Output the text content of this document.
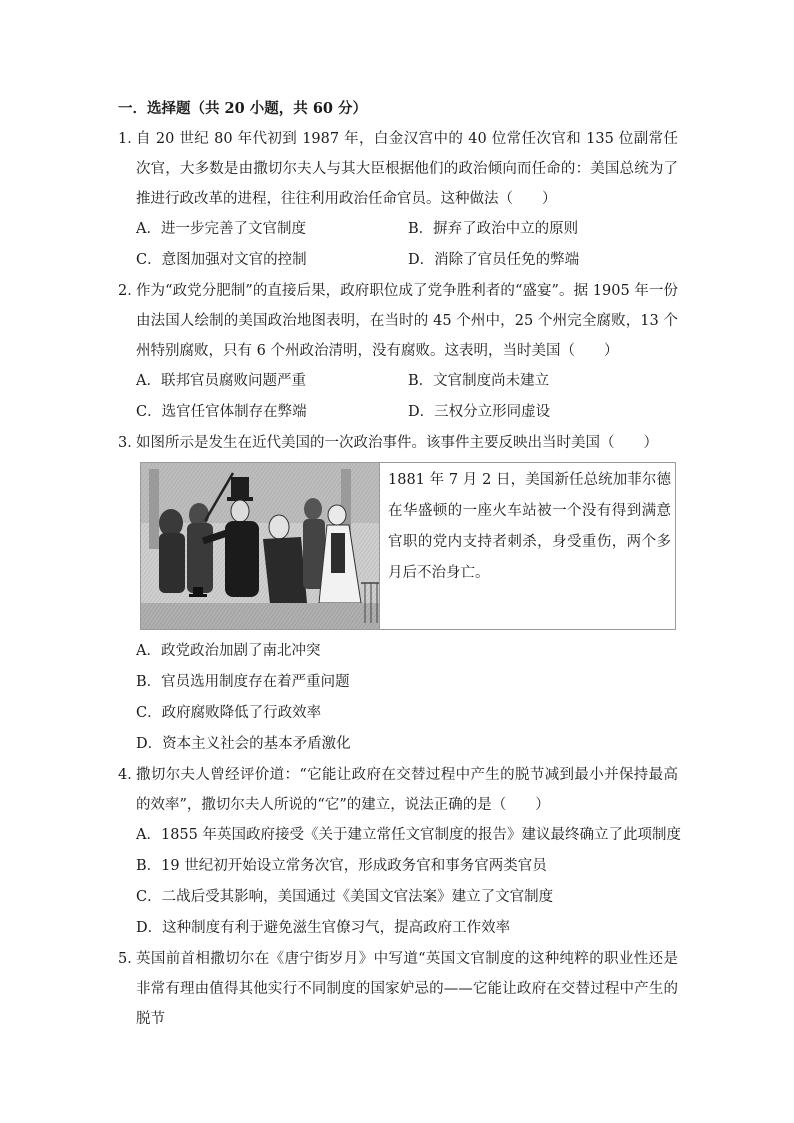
一．选择题（共 20 小题，共 60 分）
1．
自 20 世纪 80 年代初到 1987 年，白金汉宫中的 40 位常任次官和 135 位副常任次官，大多数是由撒切尔夫人与其大臣根据他们的政治倾向而任命的：美国总统为了推进行政改革的进程，往往利用政治任命官员。这种做法（　　）
A．进一步完善了文官制度	B．摒弃了政治中立的原则
C．意图加强对文官的控制	D．消除了官员任免的弊端
2．
作为“政党分肥制”的直接后果，政府职位成了党争胜利者的“盛宴”。据 1905 年一份由法国人绘制的美国政治地图表明，在当时的 45 个州中，25 个州完全腐败，13 个州特别腐败，只有 6 个州政治清明，没有腐败。这表明，当时美国（　　）
A．联邦官员腐败问题严重	B．文官制度尚未建立
C．选官任官体制存在弊端	D．三权分立形同虚设
3．
如图所示是发生在近代美国的一次政治事件。该事件主要反映出当时美国（　　）
	1881 年 7 月 2 日，美国新任总统加菲尔德在华盛顿的一座火车站被一个没有得到满意官职的党内支持者刺杀，身受重伤，两个多月后不治身亡。
A．政党政治加剧了南北冲突
B．官员选用制度存在着严重问题
C．政府腐败降低了行政效率
D．资本主义社会的基本矛盾激化
4．
撒切尔夫人曾经评价道：“它能让政府在交替过程中产生的脱节减到最小并保持最高的效率”，撒切尔夫人所说的“它”的建立，说法正确的是（　　）
A．1855 年英国政府接受《关于建立常任文官制度的报告》建议最终确立了此项制度
B．19 世纪初开始设立常务次官，形成政务官和事务官两类官员
C．二战后受其影响，美国通过《美国文官法案》建立了文官制度
D．这种制度有利于避免滋生官僚习气，提高政府工作效率
5．
英国前首相撒切尔在《唐宁街岁月》中写道“英国文官制度的这种纯粹的职业性还是非常有理由值得其他实行不同制度的国家妒忌的——它能让政府在交替过程中产生的脱节
